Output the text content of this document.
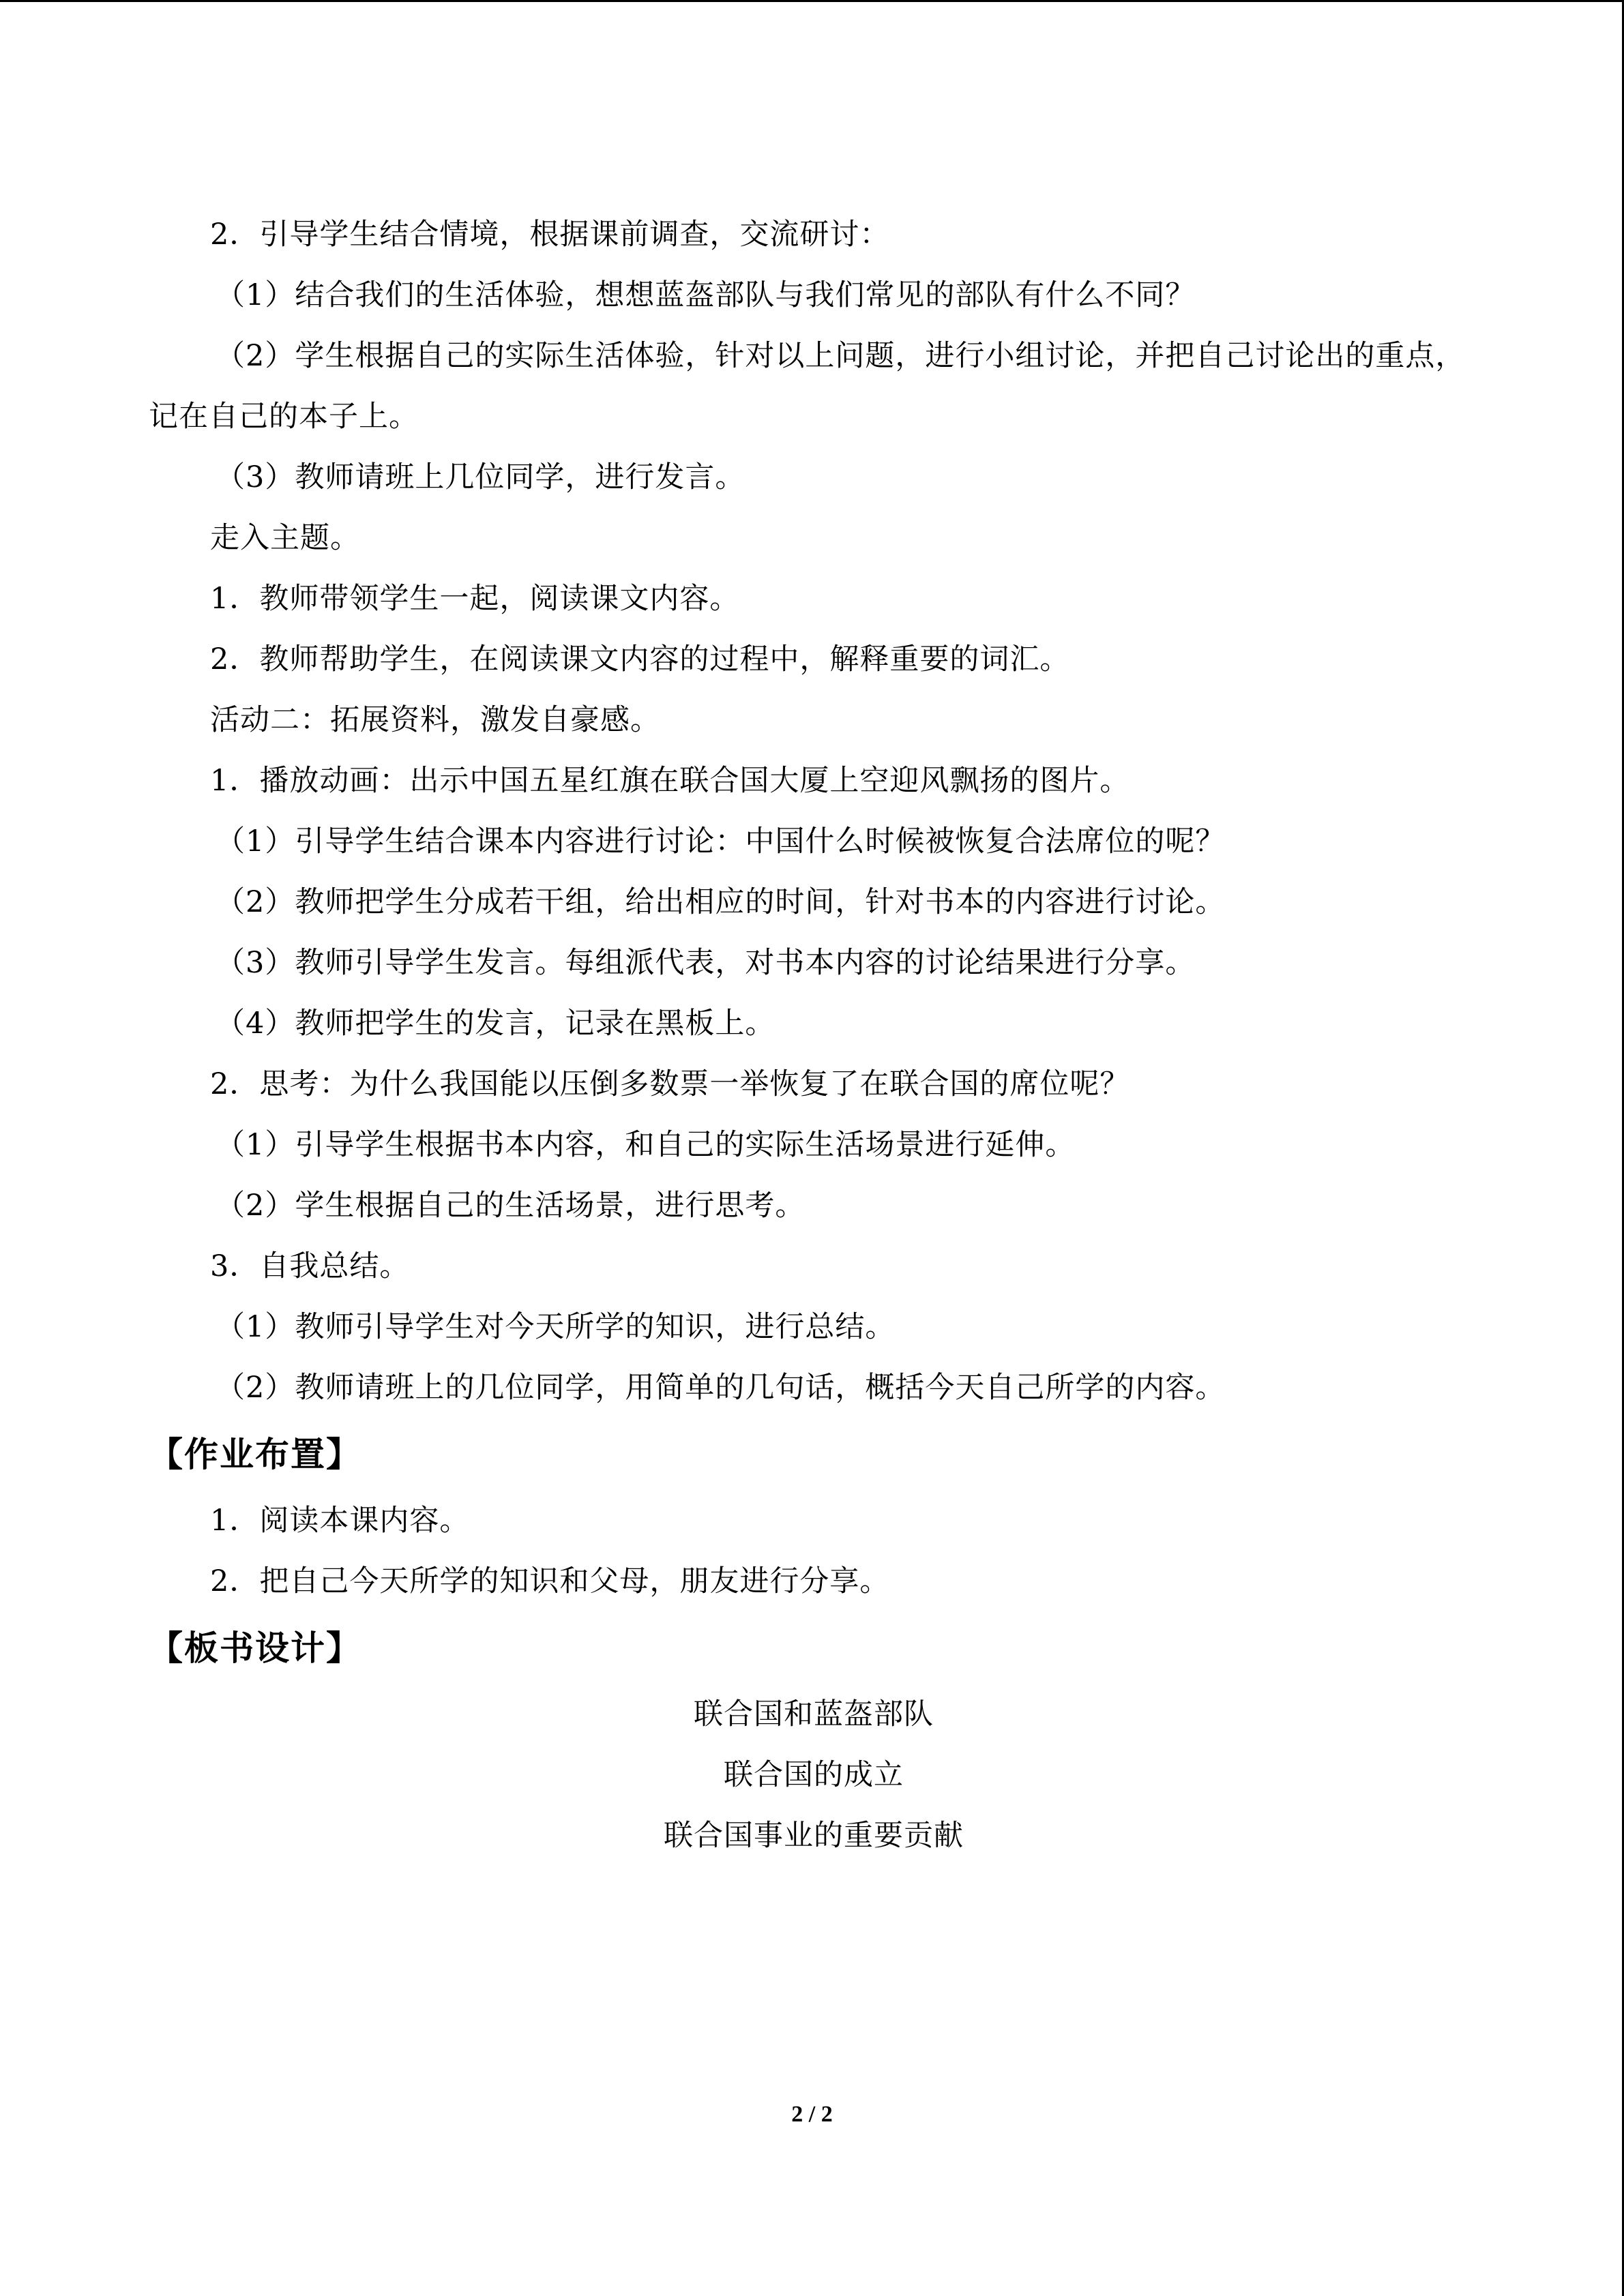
2．引导学生结合情境，根据课前调查，交流研讨：
（1）结合我们的生活体验，想想蓝盔部队与我们常见的部队有什么不同？
（2）学生根据自己的实际生活体验，针对以上问题，进行小组讨论，并把自己讨论出的重点，记在自己的本子上。
（3）教师请班上几位同学，进行发言。
走入主题。
1．教师带领学生一起，阅读课文内容。
2．教师帮助学生，在阅读课文内容的过程中，解释重要的词汇。
活动二：拓展资料，激发自豪感。
1．播放动画：出示中国五星红旗在联合国大厦上空迎风飘扬的图片。
（1）引导学生结合课本内容进行讨论：中国什么时候被恢复合法席位的呢？
（2）教师把学生分成若干组，给出相应的时间，针对书本的内容进行讨论。
（3）教师引导学生发言。每组派代表，对书本内容的讨论结果进行分享。
（4）教师把学生的发言，记录在黑板上。
2．思考：为什么我国能以压倒多数票一举恢复了在联合国的席位呢？
（1）引导学生根据书本内容，和自己的实际生活场景进行延伸。
（2）学生根据自己的生活场景，进行思考。
3．自我总结。
（1）教师引导学生对今天所学的知识，进行总结。
（2）教师请班上的几位同学，用简单的几句话，概括今天自己所学的内容。
【作业布置】
1．阅读本课内容。
2．把自己今天所学的知识和父母，朋友进行分享。
【板书设计】
联合国和蓝盔部队
联合国的成立
联合国事业的重要贡献
2 / 2
